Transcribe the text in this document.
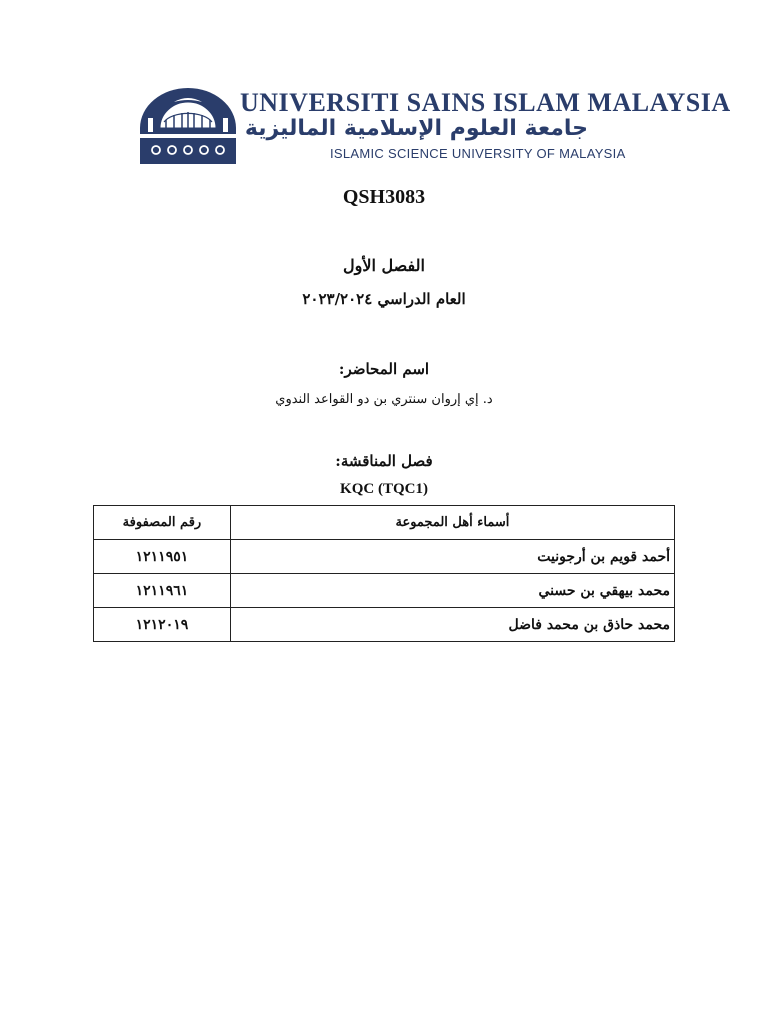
UNIVERSITI SAINS ISLAM MALAYSIA
جامعة العلوم الإسلامية الماليزية
ISLAMIC SCIENCE UNIVERSITY OF MALAYSIA
QSH3083
الفصل الأول
العام الدراسي ٢٠٢٣/٢٠٢٤
اسم المحاضر:
د. إي إروان سنتري بن دو القواعد الندوي
فصل المناقشة:
KQC (TQC1)
أسماء أهل المجموعة	رقم المصفوفة
أحمد قويم بن أرجونيت	١٢١١٩٥١
محمد بيهقي بن حسني	١٢١١٩٦١
محمد حاذق بن محمد فاضل	١٢١٢٠١٩
